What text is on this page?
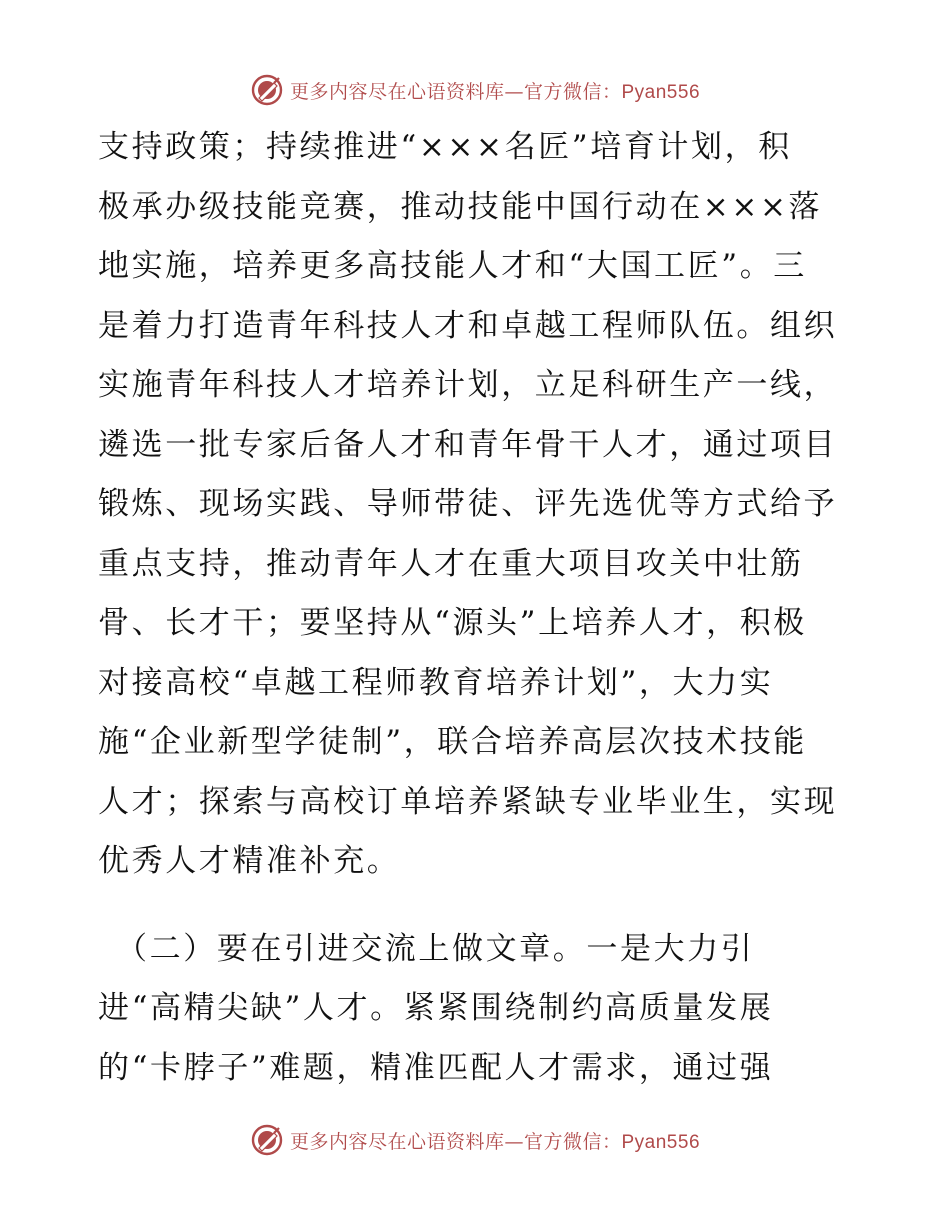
更多内容尽在心语资料库—官方微信：Pyan556
支持政策；持续推进“×××名匠”培育计划，积
极承办级技能竞赛，推动技能中国行动在×××落
地实施，培养更多高技能人才和“大国工匠”。三
是着力打造青年科技人才和卓越工程师队伍。组织
实施青年科技人才培养计划，立足科研生产一线，
遴选一批专家后备人才和青年骨干人才，通过项目
锻炼、现场实践、导师带徒、评先选优等方式给予
重点支持，推动青年人才在重大项目攻关中壮筋
骨、长才干；要坚持从“源头”上培养人才，积极
对接高校“卓越工程师教育培养计划”，大力实
施“企业新型学徒制”，联合培养高层次技术技能
人才；探索与高校订单培养紧缺专业毕业生，实现
优秀人才精准补充。
（二）要在引进交流上做文章。一是大力引
进“高精尖缺”人才。紧紧围绕制约高质量发展
的“卡脖子”难题，精准匹配人才需求，通过强
更多内容尽在心语资料库—官方微信：Pyan556
